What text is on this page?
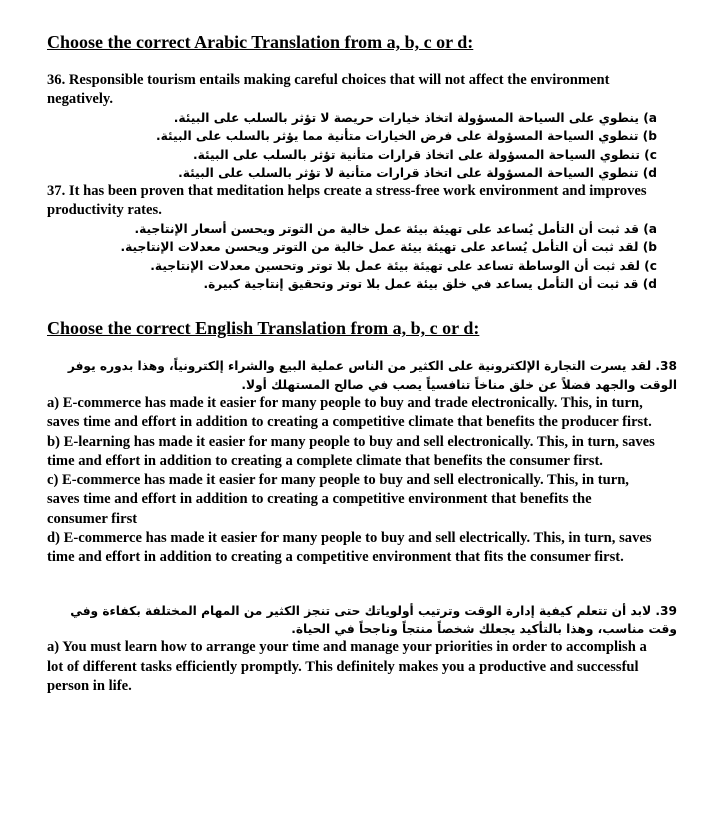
Choose the correct Arabic Translation from a, b, c or d:

36. Responsible tourism entails making careful choices that will not affect the environment negatively.

a) ينطوي على السياحة المسؤولة اتخاذ خيارات حريصة لا تؤثر بالسلب على البيئة.

b) تنطوي السياحة المسؤولة على فرض الخيارات متأنية مما يؤثر بالسلب على البيئة.

c) تنطوي السياحة المسؤولة على اتخاذ قرارات متأنية تؤثر بالسلب على البيئة.

d) تنطوي السياحة المسؤولة على اتخاذ قرارات متأنية لا تؤثر بالسلب على البيئة.

37. It has been proven that meditation helps create a stress-free work environment and improves productivity rates.

a) قد ثبت أن التأمل يُساعد على تهيئة بيئة عمل خالية من التوتر ويحسن أسعار الإنتاجية.

b) لقد ثبت أن التأمل يُساعد على تهيئة بيئة عمل خالية من التوتر ويحسن معدلات الإنتاجية.

c) لقد ثبت أن الوساطة تساعد على تهيئة بيئة عمل بلا توتر وتحسين معدلات الإنتاجية.

d) قد ثبت أن التأمل يساعد في خلق بيئة عمل بلا توتر وتحقيق إنتاجية كبيرة.

Choose the correct English Translation from a, b, c or d:

38. لقد يسرت التجارة الإلكترونية على الكثير من الناس عملية البيع والشراء إلكترونياً، وهذا بدوره يوفر الوقت والجهد فضلاً عن خلق مناخاً تنافسياً يصب في صالح المستهلك أولا.

a) E-commerce has made it easier for many people to buy and trade electronically. This, in turn, saves time and effort in addition to creating a competitive climate that benefits the producer first.

b) E-learning has made it easier for many people to buy and sell electronically. This, in turn, saves time and effort in addition to creating a complete climate that benefits the consumer first.

c) E-commerce has made it easier for many people to buy and sell electronically. This, in turn, saves time and effort in addition to creating a competitive environment that benefits the consumer first

d) E-commerce has made it easier for many people to buy and sell electrically. This, in turn, saves time and effort in addition to creating a competitive environment that fits the consumer first.

39. لابد أن تتعلم كيفية إدارة الوقت وترتيب أولوياتك حتى تنجز الكثير من المهام المختلفة بكفاءة وفي وقت مناسب، وهذا بالتأكيد يجعلك شخصاً منتجاً وناجحاً في الحياة.

a) You must learn how to arrange your time and manage your priorities in order to accomplish a lot of different tasks efficiently promptly. This definitely makes you a productive and successful person in life.
